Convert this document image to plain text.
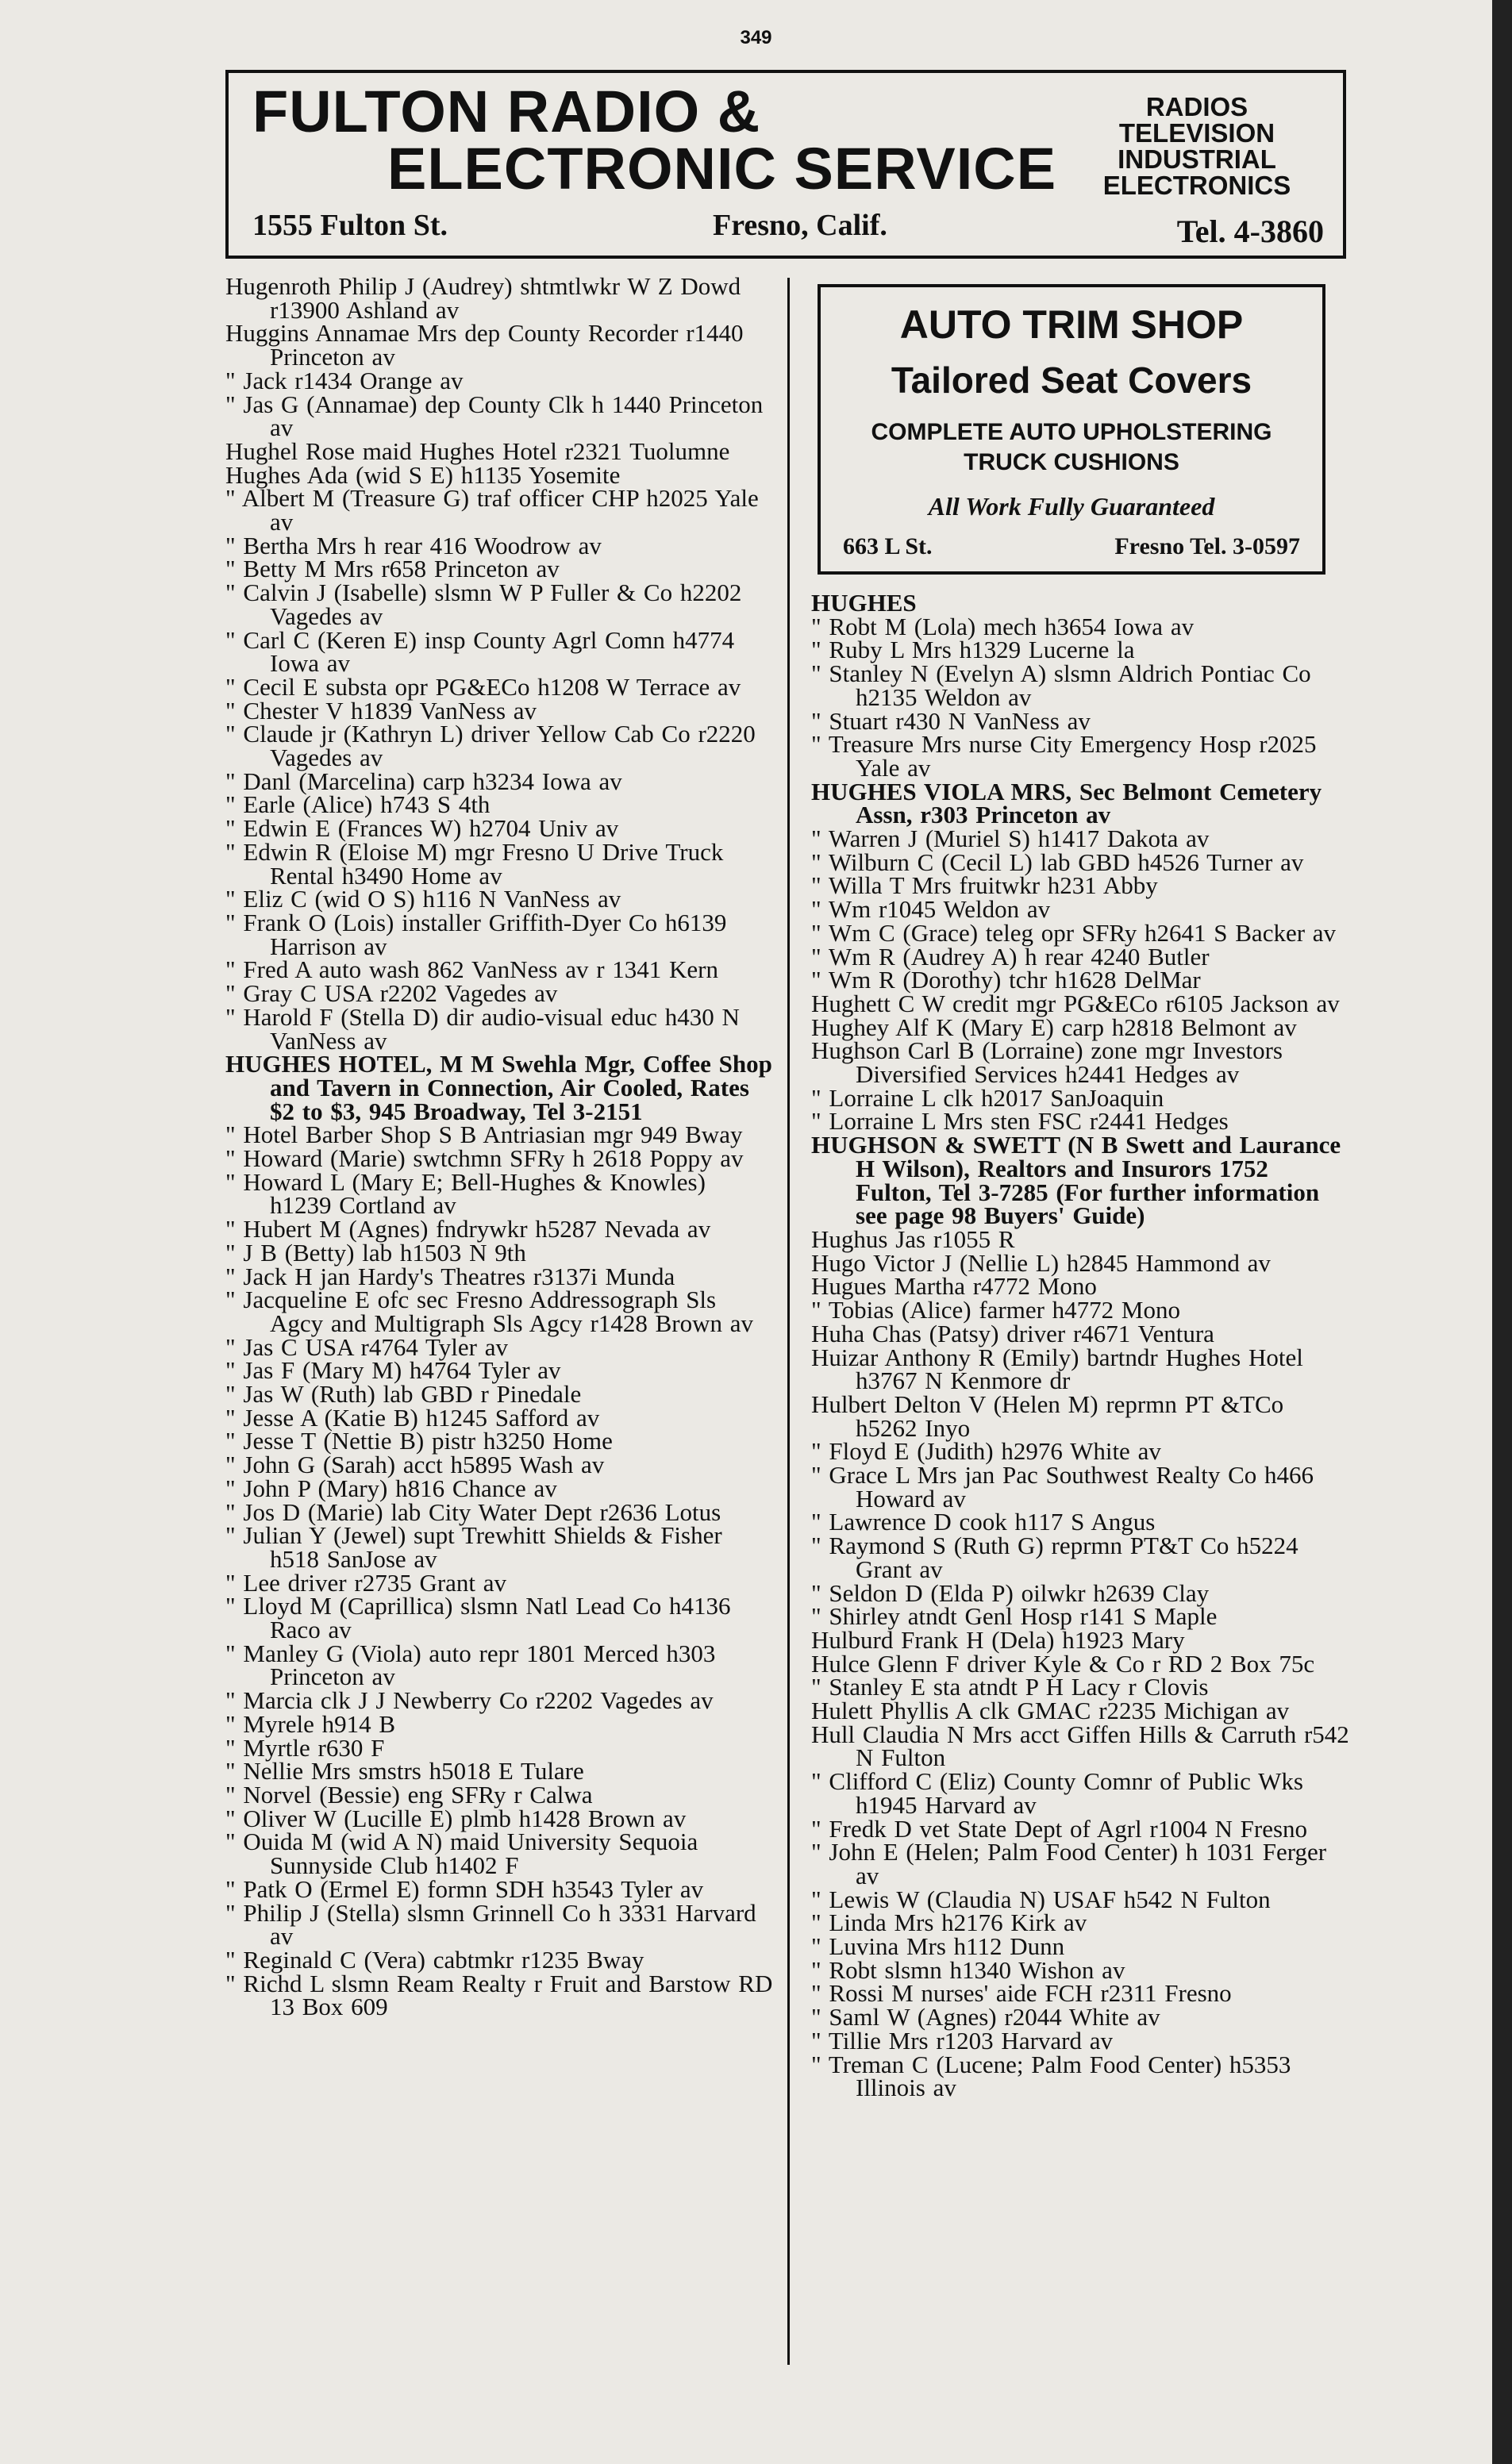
349
FULTON RADIO &
ELECTRONIC SERVICE
RADIOS
TELEVISION
INDUSTRIAL
ELECTRONICS
1555 Fulton St.	Fresno, Calif.	Tel. 4-3860
Hugenroth Philip J (Audrey) shtmtlwkr W Z Dowd r13900 Ashland av
Huggins Annamae Mrs dep County Recorder r1440 Princeton av
" Jack r1434 Orange av
" Jas G (Annamae) dep County Clk h 1440 Princeton av
Hughel Rose maid Hughes Hotel r2321 Tuolumne
Hughes Ada (wid S E) h1135 Yosemite
" Albert M (Treasure G) traf officer CHP h2025 Yale av
" Bertha Mrs h rear 416 Woodrow av
" Betty M Mrs r658 Princeton av
" Calvin J (Isabelle) slsmn W P Fuller & Co h2202 Vagedes av
" Carl C (Keren E) insp County Agrl Comn h4774 Iowa av
" Cecil E substa opr PG&ECo h1208 W Terrace av
" Chester V h1839 VanNess av
" Claude jr (Kathryn L) driver Yellow Cab Co r2220 Vagedes av
" Danl (Marcelina) carp h3234 Iowa av
" Earle (Alice) h743 S 4th
" Edwin E (Frances W) h2704 Univ av
" Edwin R (Eloise M) mgr Fresno U Drive Truck Rental h3490 Home av
" Eliz C (wid O S) h116 N VanNess av
" Frank O (Lois) installer Griffith-Dyer Co h6139 Harrison av
" Fred A auto wash 862 VanNess av r 1341 Kern
" Gray C USA r2202 Vagedes av
" Harold F (Stella D) dir audio-visual educ h430 N VanNess av
HUGHES HOTEL, M M Swehla Mgr, Coffee Shop and Tavern in Connection, Air Cooled, Rates $2 to $3, 945 Broadway, Tel 3-2151
" Hotel Barber Shop S B Antriasian mgr 949 Bway
" Howard (Marie) swtchmn SFRy h 2618 Poppy av
" Howard L (Mary E; Bell-Hughes & Knowles) h1239 Cortland av
" Hubert M (Agnes) fndrywkr h5287 Nevada av
" J B (Betty) lab h1503 N 9th
" Jack H jan Hardy's Theatres r3137i Munda
" Jacqueline E ofc sec Fresno Addressograph Sls Agcy and Multigraph Sls Agcy r1428 Brown av
" Jas C USA r4764 Tyler av
" Jas F (Mary M) h4764 Tyler av
" Jas W (Ruth) lab GBD r Pinedale
" Jesse A (Katie B) h1245 Safford av
" Jesse T (Nettie B) pistr h3250 Home
" John G (Sarah) acct h5895 Wash av
" John P (Mary) h816 Chance av
" Jos D (Marie) lab City Water Dept r2636 Lotus
" Julian Y (Jewel) supt Trewhitt Shields & Fisher h518 SanJose av
" Lee driver r2735 Grant av
" Lloyd M (Caprillica) slsmn Natl Lead Co h4136 Raco av
" Manley G (Viola) auto repr 1801 Merced h303 Princeton av
" Marcia clk J J Newberry Co r2202 Vagedes av
" Myrele h914 B
" Myrtle r630 F
" Nellie Mrs smstrs h5018 E Tulare
" Norvel (Bessie) eng SFRy r Calwa
" Oliver W (Lucille E) plmb h1428 Brown av
" Ouida M (wid A N) maid University Sequoia Sunnyside Club h1402 F
" Patk O (Ermel E) formn SDH h3543 Tyler av
" Philip J (Stella) slsmn Grinnell Co h 3331 Harvard av
" Reginald C (Vera) cabtmkr r1235 Bway
" Richd L slsmn Ream Realty r Fruit and Barstow RD 13 Box 609
AUTO TRIM SHOP
Tailored Seat Covers
COMPLETE AUTO UPHOLSTERING
TRUCK CUSHIONS
All Work Fully Guaranteed
663 L St.	Fresno Tel. 3-0597
HUGHES
" Robt M (Lola) mech h3654 Iowa av
" Ruby L Mrs h1329 Lucerne la
" Stanley N (Evelyn A) slsmn Aldrich Pontiac Co h2135 Weldon av
" Stuart r430 N VanNess av
" Treasure Mrs nurse City Emergency Hosp r2025 Yale av
HUGHES VIOLA MRS, Sec Belmont Cemetery Assn, r303 Princeton av
" Warren J (Muriel S) h1417 Dakota av
" Wilburn C (Cecil L) lab GBD h4526 Turner av
" Willa T Mrs fruitwkr h231 Abby
" Wm r1045 Weldon av
" Wm C (Grace) teleg opr SFRy h2641 S Backer av
" Wm R (Audrey A) h rear 4240 Butler
" Wm R (Dorothy) tchr h1628 DelMar
Hughett C W credit mgr PG&ECo r6105 Jackson av
Hughey Alf K (Mary E) carp h2818 Belmont av
Hughson Carl B (Lorraine) zone mgr Investors Diversified Services h2441 Hedges av
" Lorraine L clk h2017 SanJoaquin
" Lorraine L Mrs sten FSC r2441 Hedges
HUGHSON & SWETT (N B Swett and Laurance H Wilson), Realtors and Insurors 1752 Fulton, Tel 3-7285 (For further information see page 98 Buyers' Guide)
Hughus Jas r1055 R
Hugo Victor J (Nellie L) h2845 Hammond av
Hugues Martha r4772 Mono
" Tobias (Alice) farmer h4772 Mono
Huha Chas (Patsy) driver r4671 Ventura
Huizar Anthony R (Emily) bartndr Hughes Hotel h3767 N Kenmore dr
Hulbert Delton V (Helen M) reprmn PT &TCo h5262 Inyo
" Floyd E (Judith) h2976 White av
" Grace L Mrs jan Pac Southwest Realty Co h466 Howard av
" Lawrence D cook h117 S Angus
" Raymond S (Ruth G) reprmn PT&T Co h5224 Grant av
" Seldon D (Elda P) oilwkr h2639 Clay
" Shirley atndt Genl Hosp r141 S Maple
Hulburd Frank H (Dela) h1923 Mary
Hulce Glenn F driver Kyle & Co r RD 2 Box 75c
" Stanley E sta atndt P H Lacy r Clovis
Hulett Phyllis A clk GMAC r2235 Michigan av
Hull Claudia N Mrs acct Giffen Hills & Carruth r542 N Fulton
" Clifford C (Eliz) County Comnr of Public Wks h1945 Harvard av
" Fredk D vet State Dept of Agrl r1004 N Fresno
" John E (Helen; Palm Food Center) h 1031 Ferger av
" Lewis W (Claudia N) USAF h542 N Fulton
" Linda Mrs h2176 Kirk av
" Luvina Mrs h112 Dunn
" Robt slsmn h1340 Wishon av
" Rossi M nurses' aide FCH r2311 Fresno
" Saml W (Agnes) r2044 White av
" Tillie Mrs r1203 Harvard av
" Treman C (Lucene; Palm Food Center) h5353 Illinois av
